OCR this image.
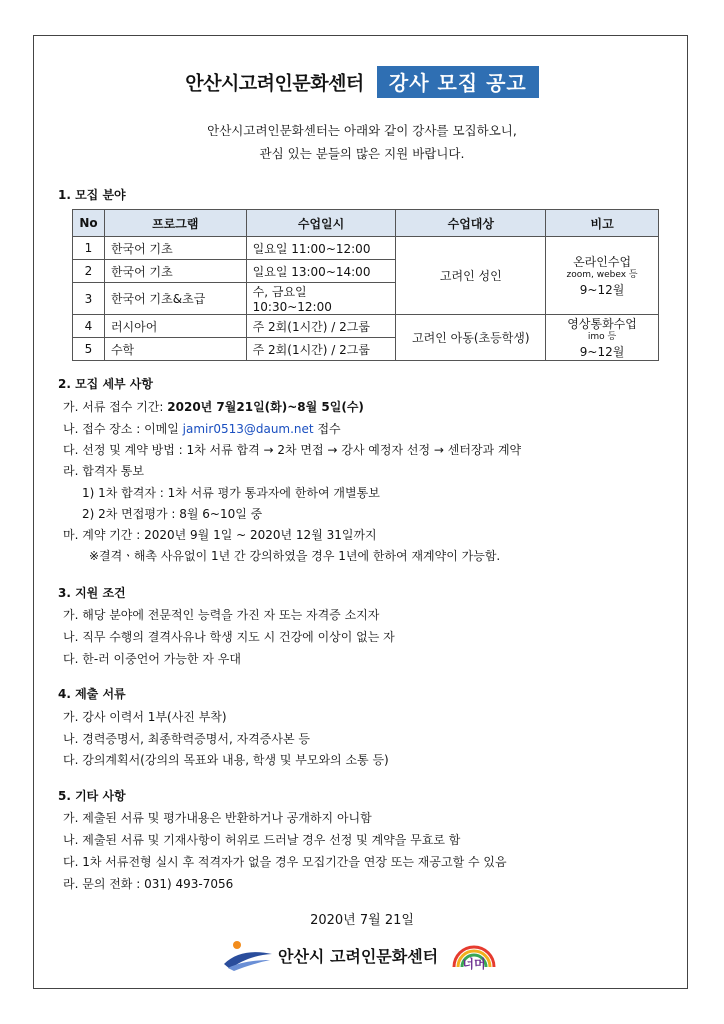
안산시고려인문화센터 강사 모집 공고
안산시고려인문화센터는 아래와 같이 강사를 모집하오니,
관심 있는 분들의 많은 지원 바랍니다.
1. 모집 분야
No	프로그램	수업일시	수업대상	비고
1	한국어 기초	일요일 11:00~12:00	고려인 성인	온라인수업
zoom, webex 등
9~12월
2	한국어 기초	일요일 13:00~14:00		
3	한국어 기초&초급	수, 금요일 10:30~12:00		
4	러시아어	주 2회(1시간) / 2그룹	고려인 아동(초등학생)	영상통화수업
imo 등
9~12월
5	수학	주 2회(1시간) / 2그룹		
2. 모집 세부 사항
가. 서류 접수 기간: 2020년 7월21일(화)~8월 5일(수)
나. 접수 장소 : 이메일 jamir0513@daum.net 접수
다. 선정 및 계약 방법 : 1차 서류 합격 → 2차 면접 → 강사 예정자 선정 → 센터장과 계약
라. 합격자 통보
1) 1차 합격자 : 1차 서류 평가 통과자에 한하여 개별통보
2) 2차 면접평가 : 8월 6~10일 중
마. 계약 기간 : 2020년 9월 1일 ~ 2020년 12월 31일까지
※결격ㆍ해촉 사유없이 1년 간 강의하였을 경우 1년에 한하여 재계약이 가능함.
3. 지원 조건
가. 해당 분야에 전문적인 능력을 가진 자 또는 자격증 소지자
나. 직무 수행의 결격사유나 학생 지도 시 건강에 이상이 없는 자
다. 한-러 이중언어 가능한 자 우대
4. 제출 서류
가. 강사 이력서 1부(사진 부착)
나. 경력증명서, 최종학력증명서, 자격증사본 등
다. 강의계획서(강의의 목표와 내용, 학생 및 부모와의 소통 등)
5. 기타 사항
가. 제출된 서류 및 평가내용은 반환하거나 공개하지 아니함
나. 제출된 서류 및 기재사항이 허위로 드러날 경우 선정 및 계약을 무효로 함
다. 1차 서류전형 실시 후 적격자가 없을 경우 모집기간을 연장 또는 재공고할 수 있음
라. 문의 전화 : 031) 493-7056
2020년 7월 21일
안산시 고려인문화센터 너머
